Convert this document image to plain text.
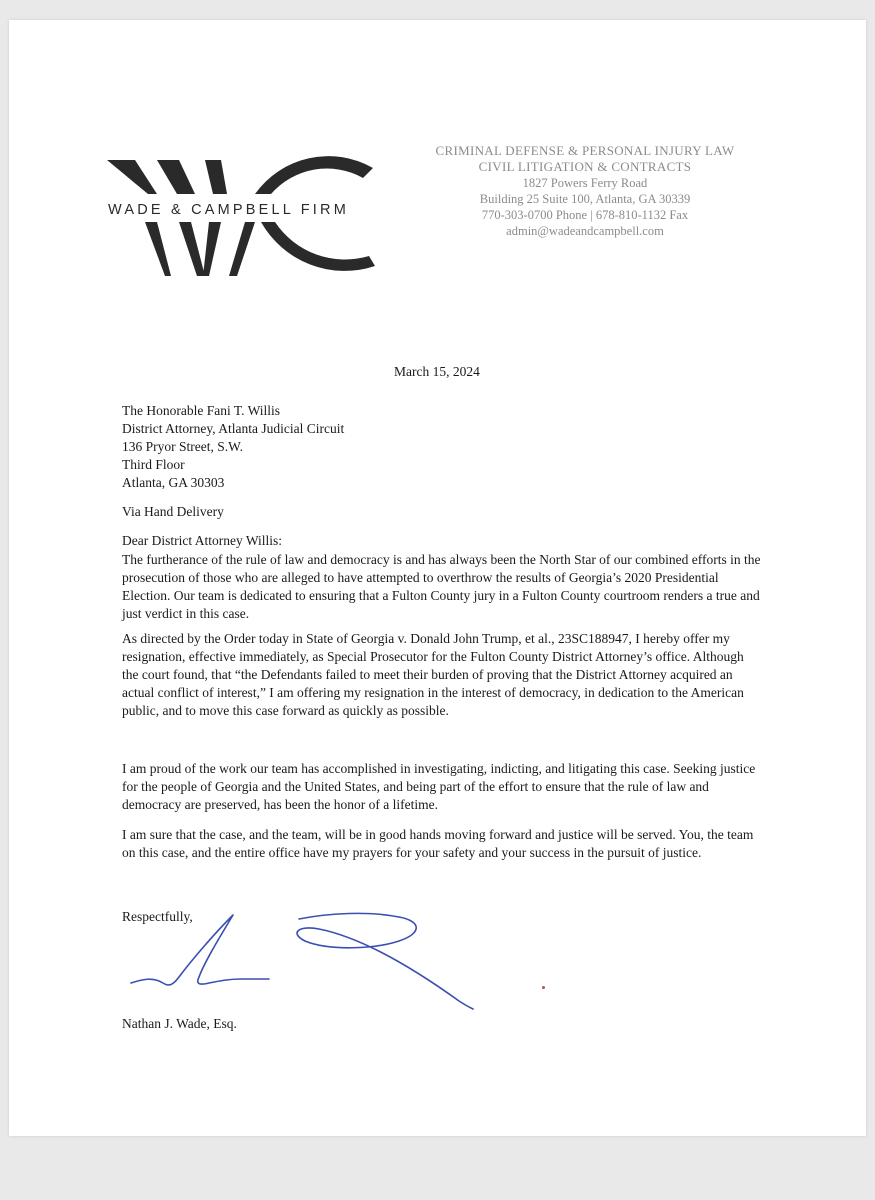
WADE & CAMPBELL FIRM
CRIMINAL DEFENSE & PERSONAL INJURY LAW
CIVIL LITIGATION & CONTRACTS
1827 Powers Ferry Road
Building 25 Suite 100, Atlanta, GA 30339
770-303-0700 Phone | 678-810-1132 Fax
admin@wadeandcampbell.com
March 15, 2024
The Honorable Fani T. Willis
District Attorney, Atlanta Judicial Circuit
136 Pryor Street, S.W.
Third Floor
Atlanta, GA 30303
Via Hand Delivery
Dear District Attorney Willis:

The furtherance of the rule of law and democracy is and has always been the North Star of our combined efforts in the prosecution of those who are alleged to have attempted to overthrow the results of Georgia’s 2020 Presidential Election. Our team is dedicated to ensuring that a Fulton County jury in a Fulton County courtroom renders a true and just verdict in this case.

As directed by the Order today in State of Georgia v. Donald John Trump, et al., 23SC188947, I hereby offer my resignation, effective immediately, as Special Prosecutor for the Fulton County District Attorney’s office. Although the court found, that “the Defendants failed to meet their burden of proving that the District Attorney acquired an actual conflict of interest,” I am offering my resignation in the interest of democracy, in dedication to the American public, and to move this case forward as quickly as possible.

I am proud of the work our team has accomplished in investigating, indicting, and litigating this case. Seeking justice for the people of Georgia and the United States, and being part of the effort to ensure that the rule of law and democracy are preserved, has been the honor of a lifetime.

I am sure that the case, and the team, will be in good hands moving forward and justice will be served. You, the team on this case, and the entire office have my prayers for your safety and your success in the pursuit of justice.

Respectfully,
Nathan J. Wade, Esq.
